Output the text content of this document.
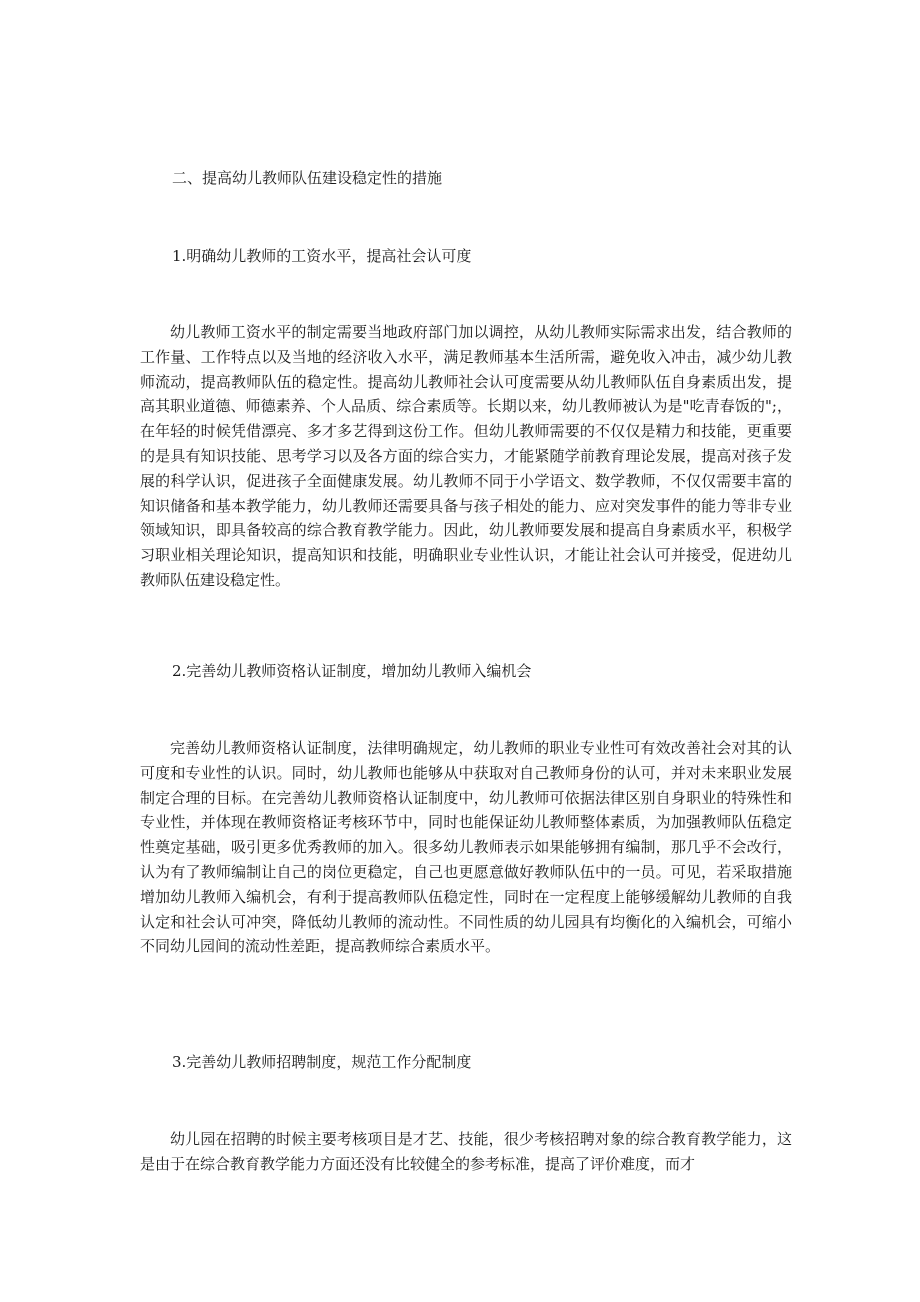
二、提高幼儿教师队伍建设稳定性的措施
1.明确幼儿教师的工资水平，提高社会认可度

幼儿教师工资水平的制定需要当地政府部门加以调控，从幼儿教师实际需求出发，结合教师的工作量、工作特点以及当地的经济收入水平，满足教师基本生活所需，避免收入冲击，减少幼儿教师流动，提高教师队伍的稳定性。提高幼儿教师社会认可度需要从幼儿教师队伍自身素质出发，提高其职业道德、师德素养、个人品质、综合素质等。长期以来，幼儿教师被认为是"吃青春饭的";，在年轻的时候凭借漂亮、多才多艺得到这份工作。但幼儿教师需要的不仅仅是精力和技能，更重要的是具有知识技能、思考学习以及各方面的综合实力，才能紧随学前教育理论发展，提高对孩子发展的科学认识，促进孩子全面健康发展。幼儿教师不同于小学语文、数学教师，不仅仅需要丰富的知识储备和基本教学能力，幼儿教师还需要具备与孩子相处的能力、应对突发事件的能力等非专业领域知识，即具备较高的综合教育教学能力。因此，幼儿教师要发展和提高自身素质水平，积极学习职业相关理论知识，提高知识和技能，明确职业专业性认识，才能让社会认可并接受，促进幼儿教师队伍建设稳定性。

2.完善幼儿教师资格认证制度，增加幼儿教师入编机会

完善幼儿教师资格认证制度，法律明确规定，幼儿教师的职业专业性可有效改善社会对其的认可度和专业性的认识。同时，幼儿教师也能够从中获取对自己教师身份的认可，并对未来职业发展制定合理的目标。在完善幼儿教师资格认证制度中，幼儿教师可依据法律区别自身职业的特殊性和专业性，并体现在教师资格证考核环节中，同时也能保证幼儿教师整体素质，为加强教师队伍稳定性奠定基础，吸引更多优秀教师的加入。很多幼儿教师表示如果能够拥有编制，那几乎不会改行，认为有了教师编制让自己的岗位更稳定，自己也更愿意做好教师队伍中的一员。可见，若采取措施增加幼儿教师入编机会，有利于提高教师队伍稳定性，同时在一定程度上能够缓解幼儿教师的自我认定和社会认可冲突，降低幼儿教师的流动性。不同性质的幼儿园具有均衡化的入编机会，可缩小不同幼儿园间的流动性差距，提高教师综合素质水平。

3.完善幼儿教师招聘制度，规范工作分配制度

幼儿园在招聘的时候主要考核项目是才艺、技能，很少考核招聘对象的综合教育教学能力，这是由于在综合教育教学能力方面还没有比较健全的参考标准，提高了评价难度，而才
